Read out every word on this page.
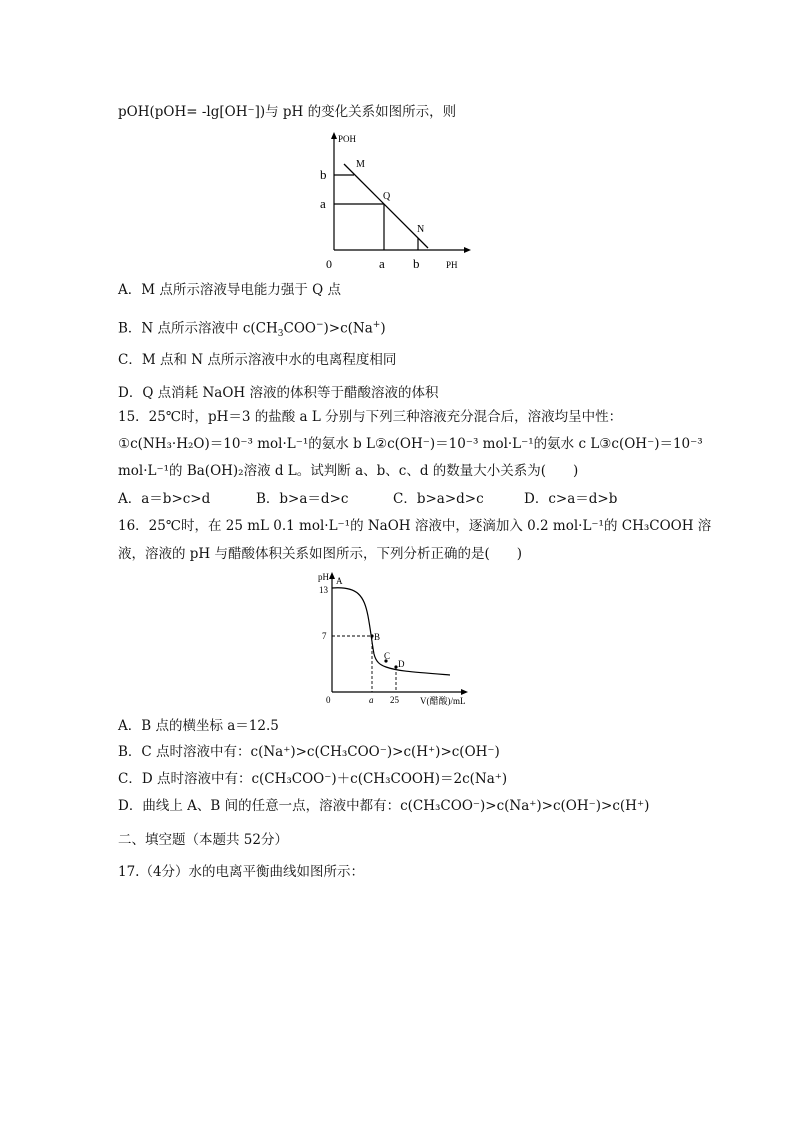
pOH(pOH= -lg[OH⁻])与 pH 的变化关系如图所示，则
POH
PH
0
b
a
a b
M
Q
N
A．M 点所示溶液导电能力强于 Q 点
B．N 点所示溶液中 $c(CH_3COO^-)>c(Na^+)$
C．M 点和 N 点所示溶液中水的电离程度相同
D．Q 点消耗 NaOH 溶液的体积等于醋酸溶液的体积
15．25℃时，pH＝3 的盐酸 a L 分别与下列三种溶液充分混合后，溶液均呈中性：
①c(NH₃·H₂O)＝10⁻³ mol·L⁻¹的氨水 b L②c(OH⁻)＝10⁻³ mol·L⁻¹的氨水 c L③c(OH⁻)＝10⁻³
mol·L⁻¹的 Ba(OH)₂溶液 d L。试判断 a、b、c、d 的数量大小关系为(　　)
A．a＝b>c>d	B．b>a＝d>c	C．b>a>d>c	D．c>a＝d>b
16．25℃时，在 25 mL 0.1 mol·L⁻¹的 NaOH 溶液中，逐滴加入 0.2 mol·L⁻¹的 CH₃COOH 溶
液，溶液的 pH 与醋酸体积关系如图所示，下列分析正确的是(　　)
pH
V(醋酸)/mL
0
13
7
a 25
A
B
C
D
A．B 点的横坐标 a＝12.5
B．C 点时溶液中有：c(Na⁺)>c(CH₃COO⁻)>c(H⁺)>c(OH⁻)
C．D 点时溶液中有：c(CH₃COO⁻)＋c(CH₃COOH)＝2c(Na⁺)
D．曲线上 A、B 间的任意一点，溶液中都有：c(CH₃COO⁻)>c(Na⁺)>c(OH⁻)>c(H⁺)
二、填空题（本题共 52分）
17.（4分）水的电离平衡曲线如图所示：
